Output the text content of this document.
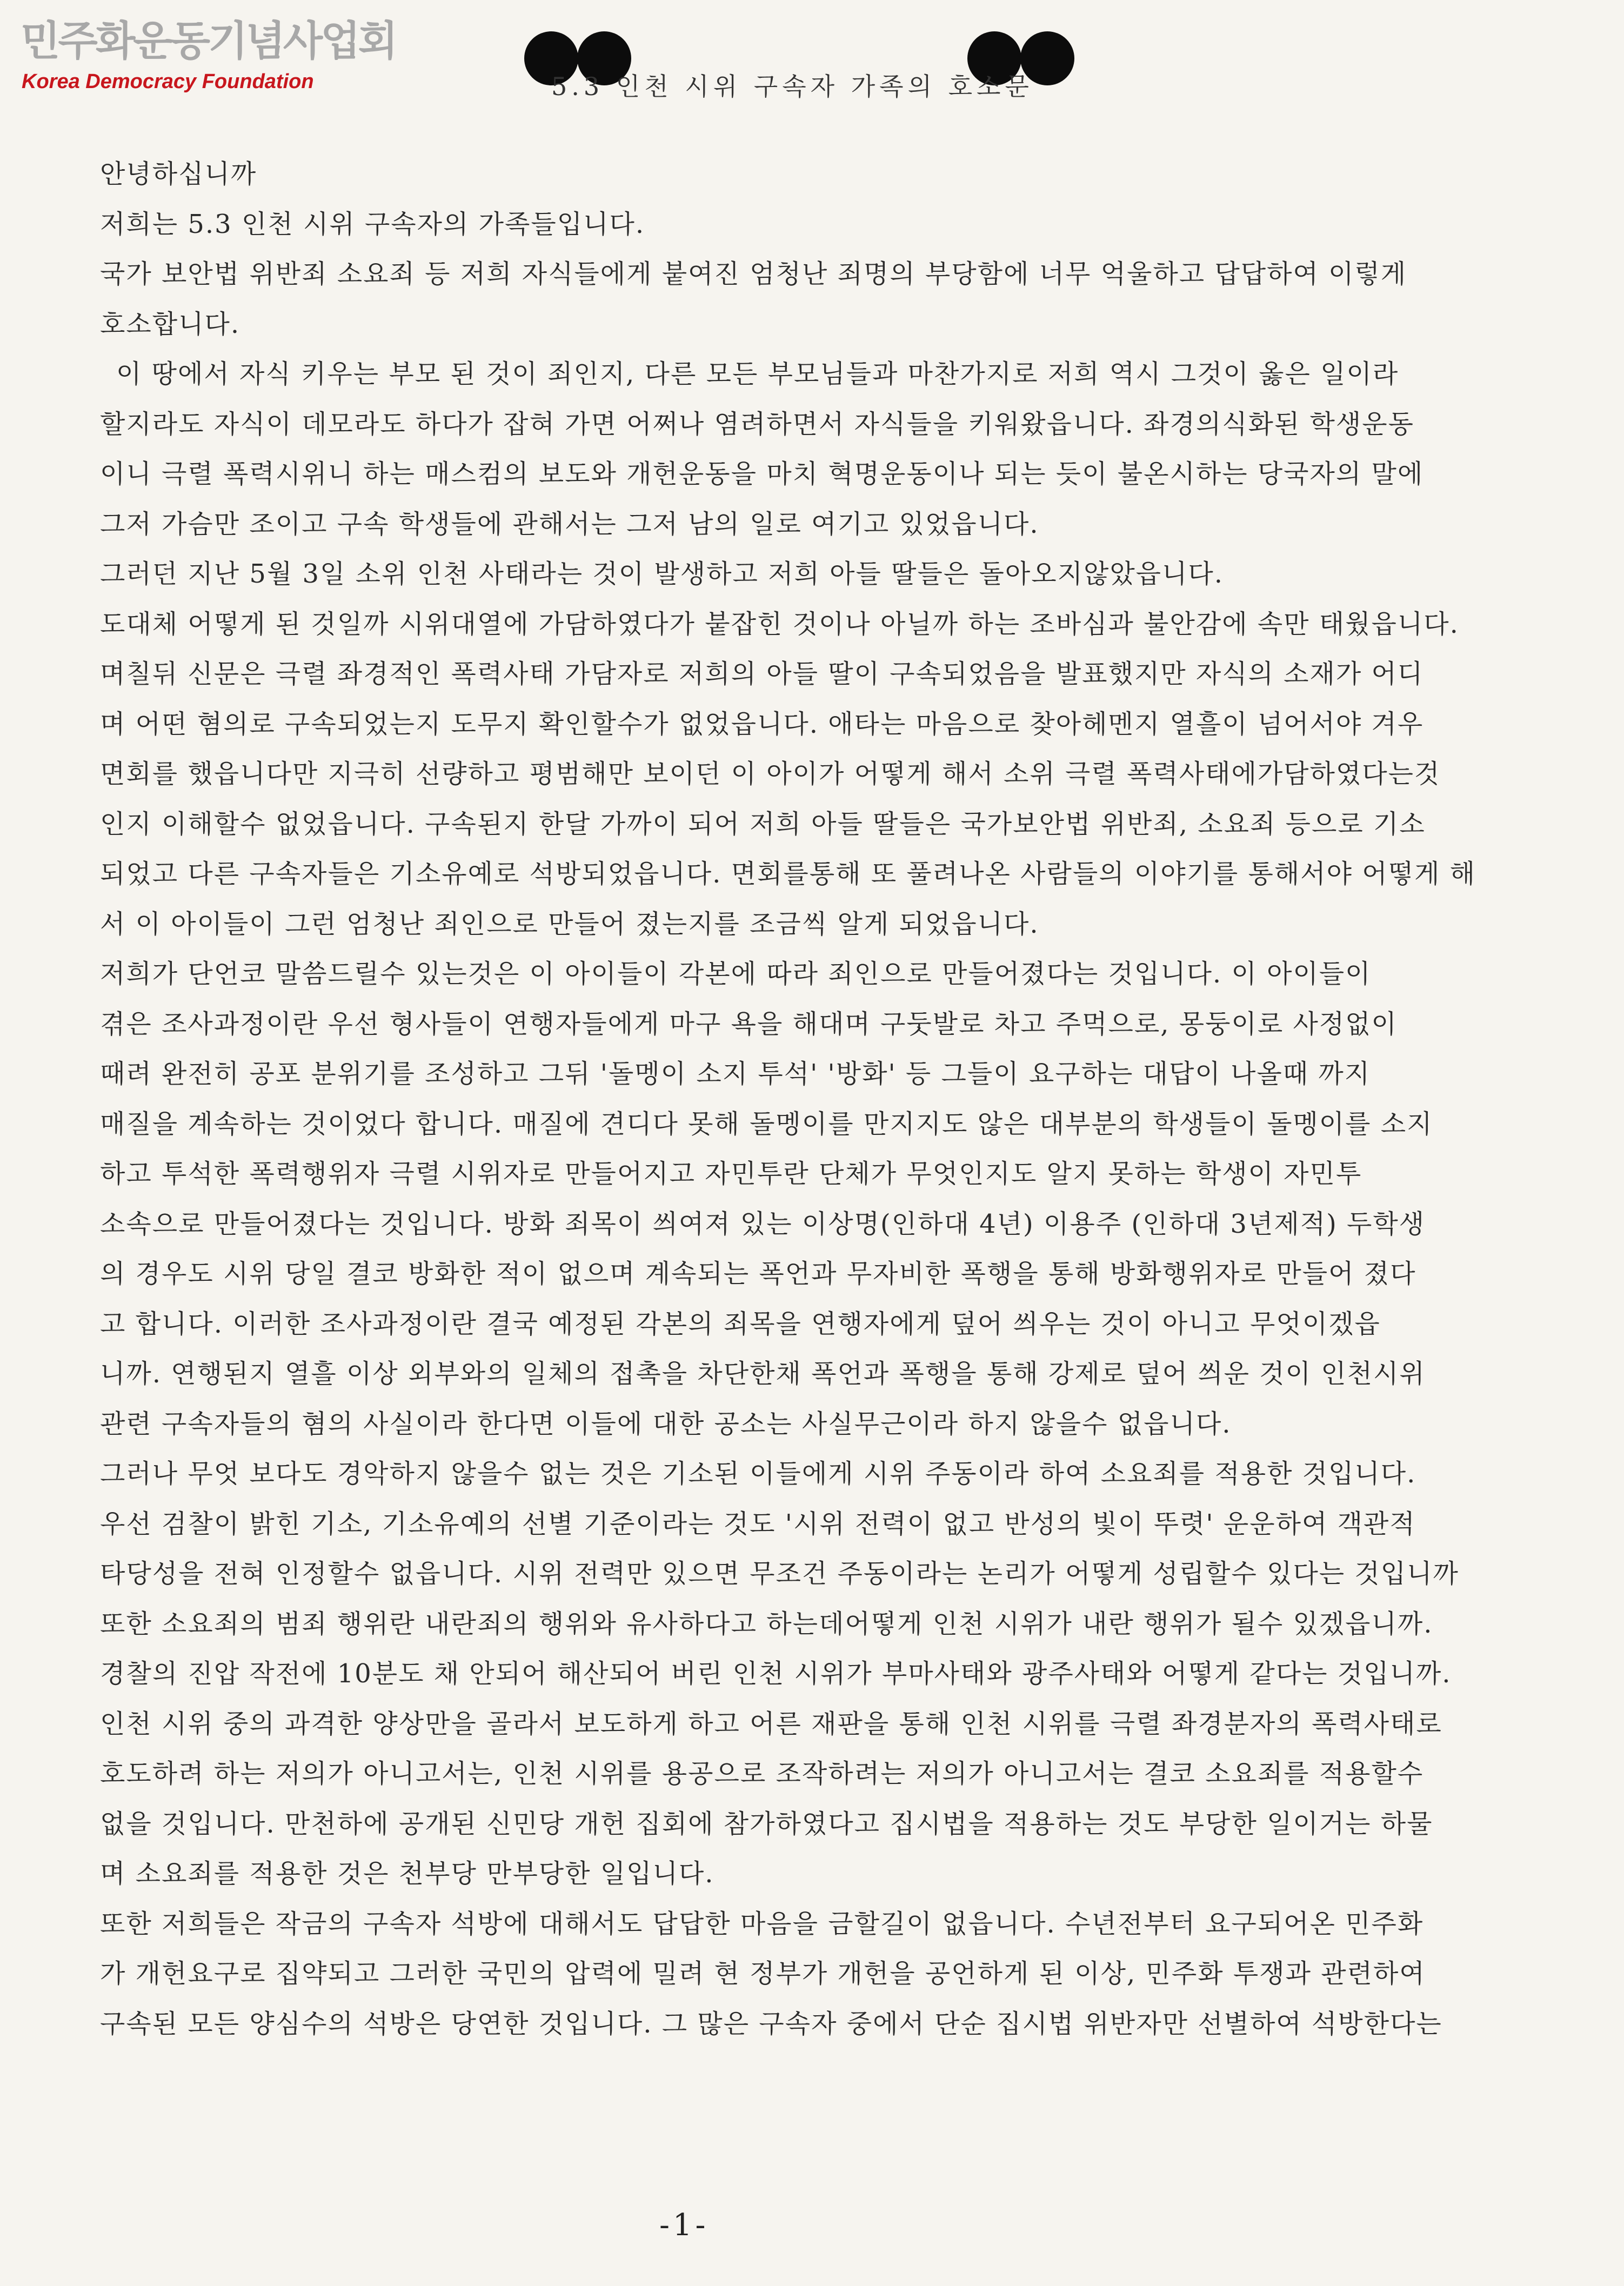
민주화운동기념사업회
Korea Democracy Foundation	5.3 인천 시위 구속자 가족의 호소문
안녕하십니까
저희는 5.3 인천 시위 구속자의 가족들입니다.
국가 보안법 위반죄 소요죄 등 저희 자식들에게 붙여진 엄청난 죄명의 부당함에 너무 억울하고 답답하여 이렇게
호소합니다.
이 땅에서 자식 키우는 부모 된 것이 죄인지, 다른 모든 부모님들과 마찬가지로 저희 역시 그것이 옳은 일이라
할지라도 자식이 데모라도 하다가 잡혀 가면 어쩌나 염려하면서 자식들을 키워왔읍니다. 좌경의식화된 학생운동
이니 극렬 폭력시위니 하는 매스컴의 보도와 개헌운동을 마치 혁명운동이나 되는 듯이 불온시하는 당국자의 말에
그저 가슴만 조이고 구속 학생들에 관해서는 그저 남의 일로 여기고 있었읍니다.
그러던 지난 5월 3일 소위 인천 사태라는 것이 발생하고 저희 아들 딸들은 돌아오지않았읍니다.
도대체 어떻게 된 것일까 시위대열에 가담하였다가 붙잡힌 것이나 아닐까 하는 조바심과 불안감에 속만 태웠읍니다.
며칠뒤 신문은 극렬 좌경적인 폭력사태 가담자로 저희의 아들 딸이 구속되었음을 발표했지만 자식의 소재가 어디
며 어떤 혐의로 구속되었는지 도무지 확인할수가 없었읍니다. 애타는 마음으로 찾아헤멘지 열흘이 넘어서야 겨우
면회를 했읍니다만 지극히 선량하고 평범해만 보이던 이 아이가 어떻게 해서 소위 극렬 폭력사태에가담하였다는것
인지 이해할수 없었읍니다. 구속된지 한달 가까이 되어 저희 아들 딸들은 국가보안법 위반죄, 소요죄 등으로 기소
되었고 다른 구속자들은 기소유예로 석방되었읍니다. 면회를통해 또 풀려나온 사람들의 이야기를 통해서야 어떻게 해
서 이 아이들이 그런 엄청난 죄인으로 만들어 졌는지를 조금씩 알게 되었읍니다.
저희가 단언코 말씀드릴수 있는것은 이 아이들이 각본에 따라 죄인으로 만들어졌다는 것입니다. 이 아이들이
겪은 조사과정이란 우선 형사들이 연행자들에게 마구 욕을 해대며 구둣발로 차고 주먹으로, 몽둥이로 사정없이
때려 완전히 공포 분위기를 조성하고 그뒤 '돌멩이 소지 투석' '방화' 등 그들이 요구하는 대답이 나올때 까지
매질을 계속하는 것이었다 합니다. 매질에 견디다 못해 돌멩이를 만지지도 않은 대부분의 학생들이 돌멩이를 소지
하고 투석한 폭력행위자 극렬 시위자로 만들어지고 자민투란 단체가 무엇인지도 알지 못하는 학생이 자민투
소속으로 만들어졌다는 것입니다. 방화 죄목이 씌여져 있는 이상명(인하대 4년) 이용주 (인하대 3년제적) 두학생
의 경우도 시위 당일 결코 방화한 적이 없으며 계속되는 폭언과 무자비한 폭행을 통해 방화행위자로 만들어 졌다
고 합니다. 이러한 조사과정이란 결국 예정된 각본의 죄목을 연행자에게 덮어 씌우는 것이 아니고 무엇이겠읍
니까. 연행된지 열흘 이상 외부와의 일체의 접촉을 차단한채 폭언과 폭행을 통해 강제로 덮어 씌운 것이 인천시위
관련 구속자들의 혐의 사실이라 한다면 이들에 대한 공소는 사실무근이라 하지 않을수 없읍니다.
그러나 무엇 보다도 경악하지 않을수 없는 것은 기소된 이들에게 시위 주동이라 하여 소요죄를 적용한 것입니다.
우선 검찰이 밝힌 기소, 기소유예의 선별 기준이라는 것도 '시위 전력이 없고 반성의 빛이 뚜렷' 운운하여 객관적
타당성을 전혀 인정할수 없읍니다. 시위 전력만 있으면 무조건 주동이라는 논리가 어떻게 성립할수 있다는 것입니까
또한 소요죄의 범죄 행위란 내란죄의 행위와 유사하다고 하는데어떻게 인천 시위가 내란 행위가 될수 있겠읍니까.
경찰의 진압 작전에 10분도 채 안되어 해산되어 버린 인천 시위가 부마사태와 광주사태와 어떻게 같다는 것입니까.
인천 시위 중의 과격한 양상만을 골라서 보도하게 하고 어른 재판을 통해 인천 시위를 극렬 좌경분자의 폭력사태로
호도하려 하는 저의가 아니고서는, 인천 시위를 용공으로 조작하려는 저의가 아니고서는 결코 소요죄를 적용할수
없을 것입니다. 만천하에 공개된 신민당 개헌 집회에 참가하였다고 집시법을 적용하는 것도 부당한 일이거는 하물
며 소요죄를 적용한 것은 천부당 만부당한 일입니다.
또한 저희들은 작금의 구속자 석방에 대해서도 답답한 마음을 금할길이 없읍니다. 수년전부터 요구되어온 민주화
가 개헌요구로 집약되고 그러한 국민의 압력에 밀려 현 정부가 개헌을 공언하게 된 이상, 민주화 투쟁과 관련하여
구속된 모든 양심수의 석방은 당연한 것입니다. 그 많은 구속자 중에서 단순 집시법 위반자만 선별하여 석방한다는
-1-
